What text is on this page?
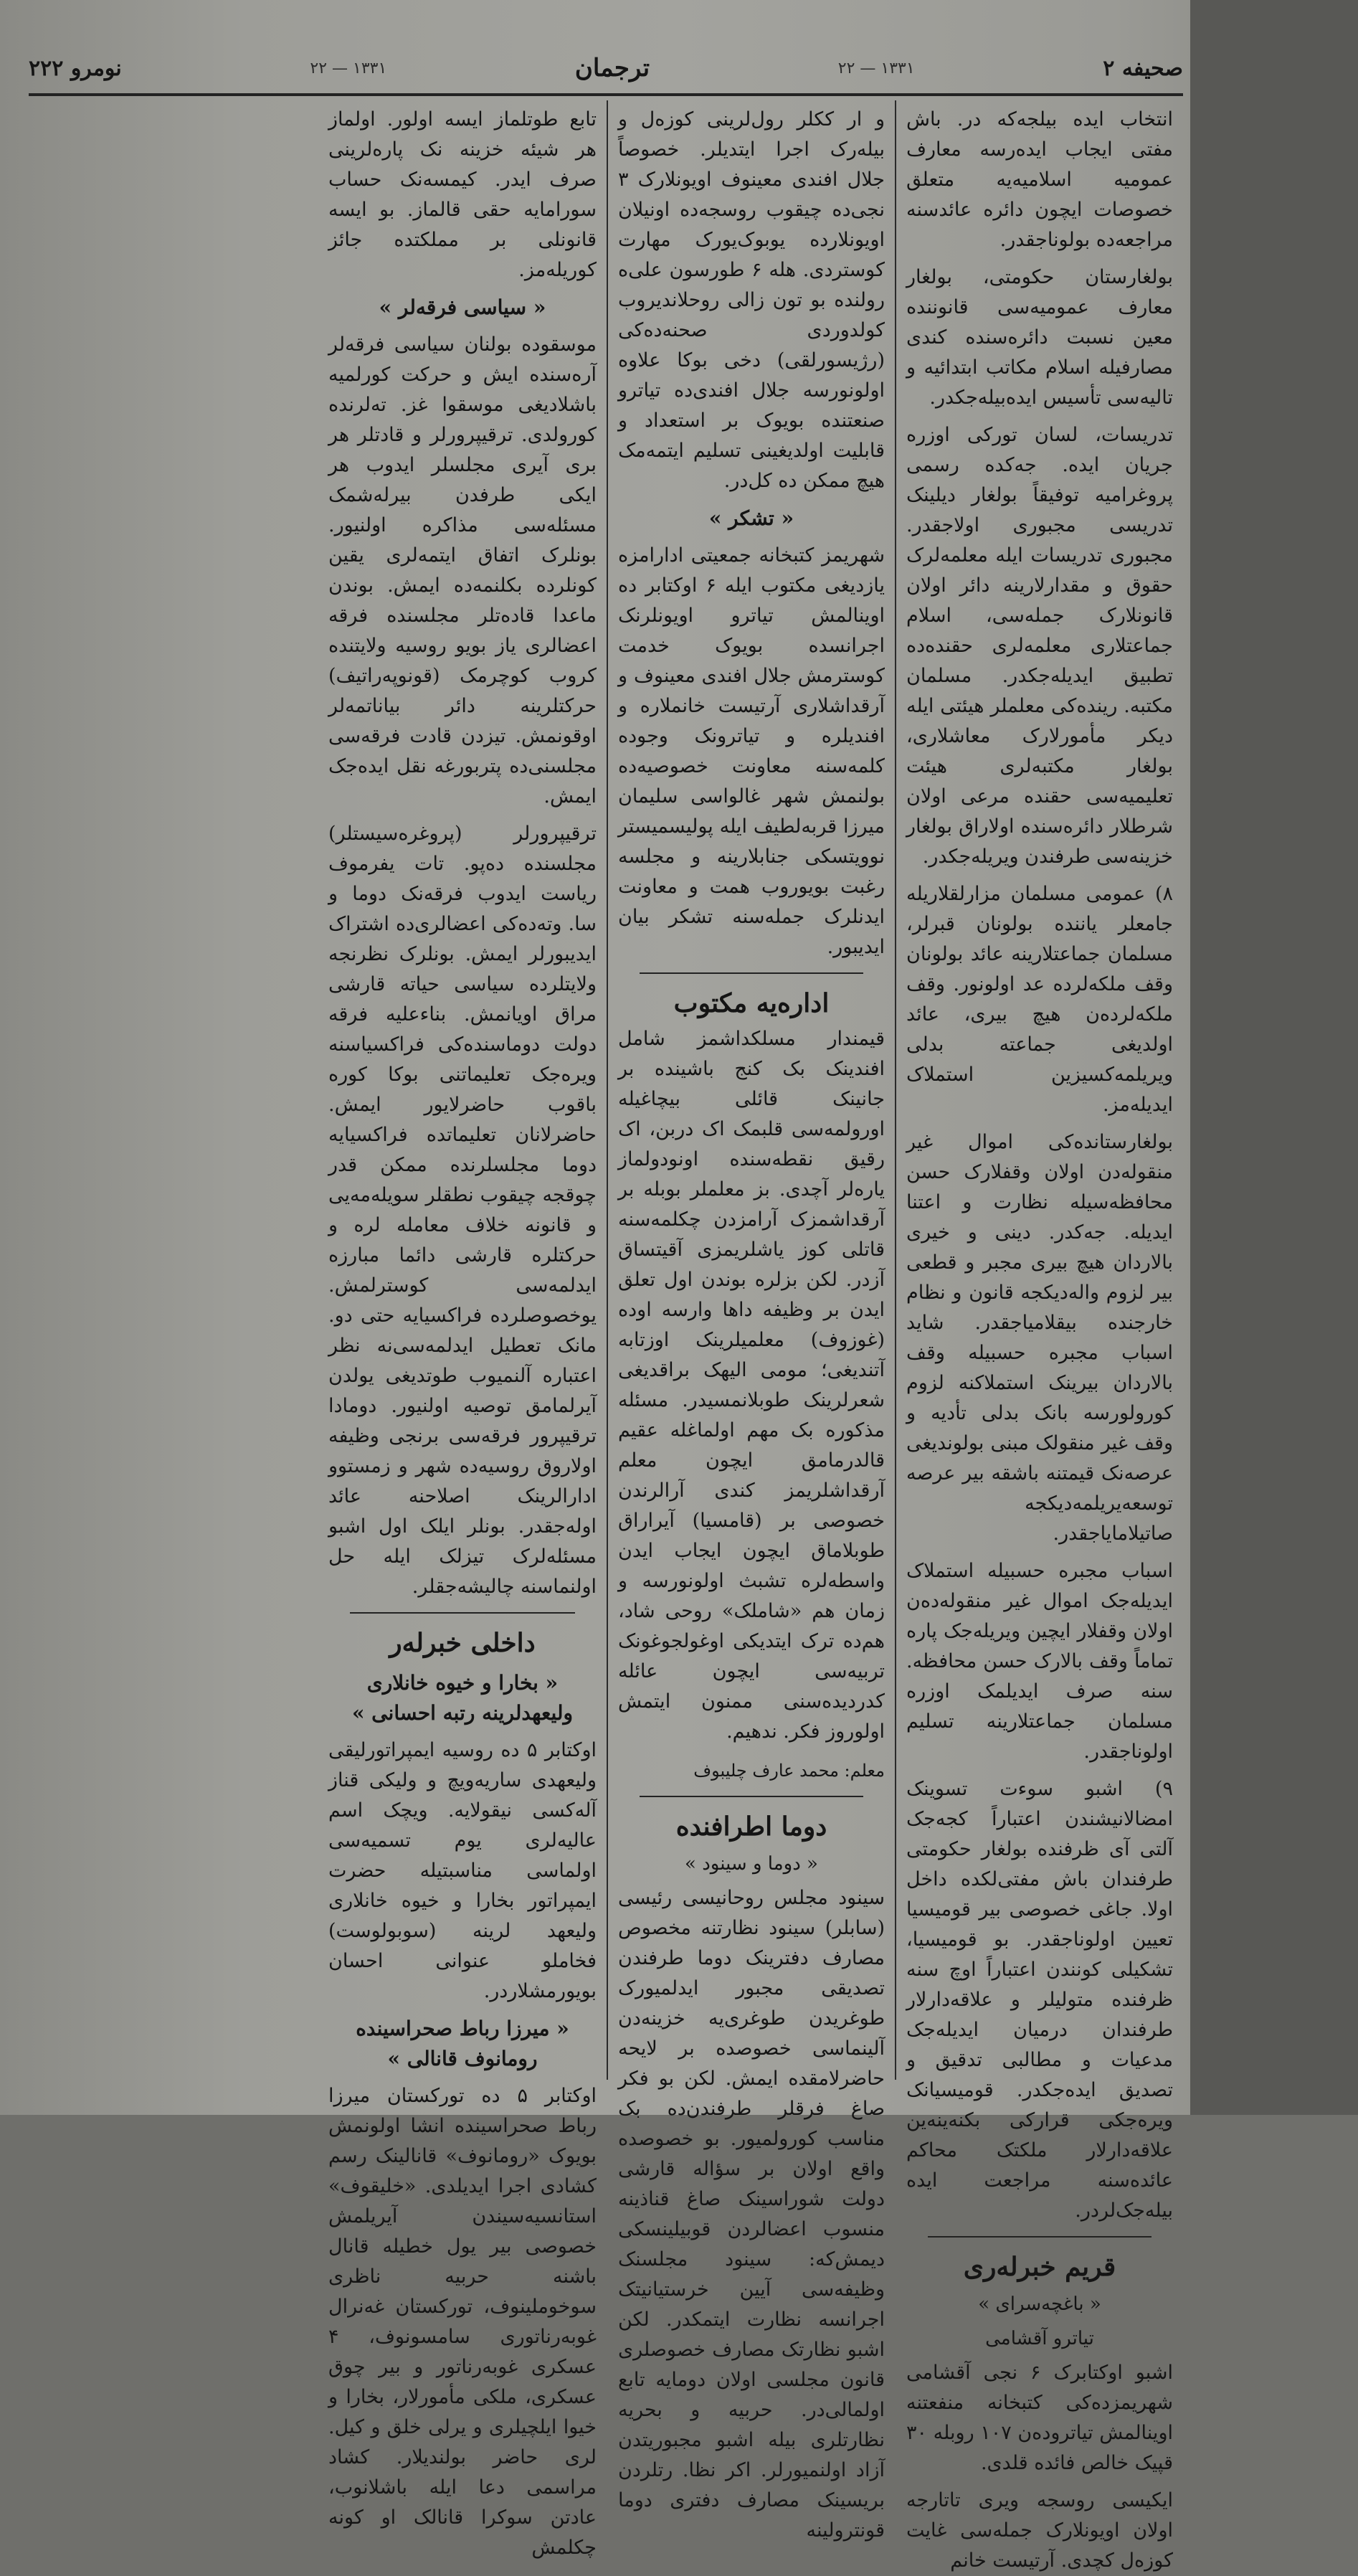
صحیفه ۲
۱۳۳۱ — ۲۲
ترجمان
۱۳۳۱ — ۲۲
نومرو ۲۲۲

انتخاب ایده بیلجه‌که در. باش مفتی ایجاب ایده‌رسه معارف عمومیه اسلامیه‌یه متعلق خصوصات ایچون دائره عائدسنه مراجعه‌ده بولوناجقدر.

بولغارستان حکومتی، بولغار معارف عمومیه‌سی قانوننده معین نسبت دائره‌سنده کندی مصارفیله اسلام مکاتب ابتدائیه و تالیه‌سی تأسیس ایده‌بیله‌جکدر.

تدریسات، لسان تورکی اوزره جریان ایده. جه‌کده رسمی پروغرامیه توفیقاً بولغار دیلینک تدریسی مجبوری اولاجقدر. مجبوری تدریسات ایله معلمه‌لرک حقوق و مقدارلارینه دائر اولان قانونلارک جمله‌سی، اسلام جماعتلاری معلمه‌لری حقنده‌ده تطبیق ایدیله‌جکدر. مسلمان مکتبه. رینده‌کی معلملر هیئتی ایله دیکر مأمورلارک معاشلاری، بولغار مکتبه‌لری هیئت تعلیمیه‌سی حقنده مرعی اولان شرطلار دائره‌سنده اولاراق بولغار خزینه‌سی طرفندن ویریله‌جکدر.

۸) عمومی مسلمان مزارلقلاریله جامعلر یاننده بولونان قبرلر، مسلمان جماعتلارینه عائد بولونان وقف ملکه‌لرده عد اولونور. وقف ملکه‌لرده‌ن هیچ بیری، عائد اولدیغی جماعته بدلی ویریلمه‌کسیزین استملاک ایدیله‌مز.

بولغارستانده‌کی اموال غیر منقوله‌دن اولان وقفلارک حسن محافظه‌سیله نظارت و اعتنا ایدیله. جه‌کدر. دینی و خیری بالاردان هیچ بیری مجبر و قطعی بیر لزوم واله‌دیکجه قانون و نظام خارجنده بیقلامیاجقدر. شاید اسباب مجبره حسبیله وقف بالاردان بیرینک استملاکنه لزوم کورولورسه بانک بدلی تأدیه و وقف غیر منقولک مبنی بولوندیغی عرصه‌نک قیمتنه باشقه بیر عرصه توسعه‌یریلمه‌دیکجه صاتیلامایاجقدر.

اسباب مجبره حسبیله استملاک ایدیله‌جک اموال غیر منقوله‌ده‌ن اولان وقفلار ایچین ویریله‌جک پاره تماماً وقف بالارک حسن محافظه. سنه صرف ایدیلمک اوزره مسلمان جماعتلارینه تسلیم اولوناجقدر.

۹) اشبو سوءت تسوینک امضالانیشندن اعتباراً کجه‌جک آلتی آی ظرفنده بولغار حکومتی طرفندان باش مفتی‌لکده داخل اولا. جاغی خصوصی بیر قومیسیا تعیین اولوناجقدر. بو قومیسیا، تشکیلی کونندن اعتباراً اوچ سنه ظرفنده متولیلر و علاقه‌دارلار طرفندان درمیان ایدیله‌جک مدعیات و مطالبی تدقیق و تصدیق ایده‌جکدر. قومیسیانک ویره‌جکی قرارکی بکنه‌ینه‌ین علاقه‌دارلار ملکتک محاکم عائده‌سنه مراجعت ایده بیله‌جک‌لردر.

قریم خبرله‌ری
« باغچه‌سرای »
تیاترو آقشامی

اشبو اوکتابرک ۶ نجی آقشامی شهریمزده‌کی کتبخانه منفعتنه اوینالمش تیاتروده‌ن ۱۰۷ روبله ۳۰ قپیک خالص فائده قلدی.

ایکیسی روسجه ویری تاتارجه اولان اویونلارک جمله‌سی غایت کوزه‌ل کچدی. آرتیست خانم

و ار ککلر رول‌لرینی کوزه‌ل و بیله‌رک اجرا ایتدیلر. خصوصاً جلال افندی معینوف اویونلارک ۳ نجی‌ده چیقوب روسجه‌ده اونیلان اویونلارده یوبوک‌یورک مهارت کوستردی. هله ۶ طورسون علی‌ه رولنده بو تون زالی روحلاندیروب کولدوردی صحنه‌ده‌کی (رژیسورلقی) دخی بوکا علاوه اولونورسه جلال افندی‌ده تیاترو صنعتنده بویوک بر استعداد و قابلیت اولدیغینی تسلیم ایتمه‌مک هیچ ممکن ده کل‌در.

« تشکر »

شهریمز کتبخانه جمعیتی ادارامزه یازدیغی مکتوب ایله ۶ اوکتابر ده اوینالمش تیاترو اویونلرنک اجرانسده بویوک خدمت کوسترمش جلال افندی معینوف و آرقداشلاری آرتیست خانملاره و افندیلره و تیاترونک وجوده کلمه‌سنه معاونت خصوصیه‌ده بولنمش شهر غالواسی سلیمان میرزا قربه‌لطیف ایله پولیسمیستر نوویتسکی جنابلارینه و مجلسه رغبت بویوروب همت و معاونت ایدنلرک جمله‌سنه تشکر بیان ایدیبور.

اداره‌یه مکتوب

قیمندار مسلکداشمز شامل افندینک بک کنج باشینده بر جانینک قائلی بیچاغیله اورولمه‌سی قلبمک اک دربن، اک رقیق نقطه‌سنده اونودولماز یاره‌لر آچدی. بز معلملر بوبله بر آرقداشمزک آرامزدن چکلمه‌سنه قاتلی کوز یاشلریمزی آقیتساق آزدر. لکن بزلره بوندن اول تعلق ایدن بر وظیفه داها وارسه اوده (غوزوف) معلمیلرینک اوزتابه آتندیغی؛ مومی الیهک براقدیغی شعرلرینک طوبلانمسیدر. مسئله مذکوره بک مهم اولماغله عقیم قالدرمامق ایچون معلم آرقداشلریمز کندی آرالرندن خصوصی بر (قامسیا) آیراراق طوبلاماق ایچون ایجاب ایدن واسطه‌لره تشبث اولونورسه و زمان هم «شاملک» روحی شاد، هم‌ده ترک ایتدیکی اوغولجوغونک تربیه‌سی ایچون عائله کدردیده‌سنی ممنون ایتمش اولوروز فکر. ندهیم.

معلم: محمد عارف چلیبوف
دوما اطرافنده
« دوما و سینود »

سینود مجلس روحانیسی رئیسی (سابلر) سینود نظارتنه مخصوص مصارف دفترینک دوما طرفندن تصدیقی مجبور ایدلمیورک طوغریدن طوغری‌یه خزینه‌دن آلینماسی خصوصده بر لایحه حاضرلامقده ایمش. لکن بو فکر صاغ فرقلر طرفندن‌ده بک مناسب کورولمیور. بو خصوصده واقع اولان بر سؤاله قارشی دولت شوراسینک صاغ قناذینه منسوب اعضالردن قوبیلینسکی دیمش‌که: سینود مجلسنک وظیفه‌سی آیین خرستیانیتک اجرانسه نظارت ایتمکدر. لکن اشبو نظارتک مصارف خصوصلری قانون مجلسی اولان دومایه تابع اولمالی‌در. حربیه و بحریه نظارتلری بیله اشبو مجبوریتدن آزاد اولنمیورلر. اکر نظا. رتلردن بریسینک مصارف دفتری دوما قونترولینه

تابع طوتلماز ایسه اولور. اولماز هر شیئه خزینه نک پاره‌لرینی صرف ایدر. کیمسه‌نک حساب سورامایه حقی قالماز. بو ایسه قانونلی بر مملکتده جائز کوریله‌مز.

« سیاسی فرقه‌لر »

موسقوده بولنان سیاسی فرقه‌لر آره‌سنده ایش و حرکت کورلمیه باشلادیغی موسقوا غز. ته‌لرنده کورولدی. ترقیپرورلر و قادتلر هر بری آیری مجلسلر ایدوب هر ایکی طرفدن بیرله‌شمک مسئله‌سی مذاکره اولنیور. بونلرک اتفاق ایتمه‌لری یقین کونلرده بکلنمه‌ده ایمش. بوندن ماعدا قاده‌تلر مجلسنده فرقه اعضالری یاز بویو روسیه ولایتنده کروب کوچرمک (قونوپه‌راتیف) حرکتلرینه دائر بیاناتمه‌لر اوقونمش. تیزدن قادت فرقه‌سی مجلسنی‌ده پتربورغه نقل ایده‌جک ایمش.

ترقیپرورلر (پروغره‌سیستلر) مجلسنده ده‌پو. تات یفرموف ریاست ایدوب فرقه‌نک دوما و سا. وته‌ده‌کی اعضالری‌ده اشتراک ایدیبورلر ایمش. بونلرک نظرنجه ولایتلرده سیاسی حیاته قارشی مراق اویانمش. بناءعلیه فرقه دولت دوماسنده‌کی فراکسیاسنه ویره‌جک تعلیماتنی بوکا کوره باقوب حاضرلایور ایمش. حاضرلانان تعلیماتده فراکسیایه دوما مجلسلرنده ممکن قدر چوقجه چیقوب نطقلر سویله‌مه‌یی و قانونه خلاف معامله لره و حرکتلره قارشی دائما مبارزه ایدلمه‌سی کوسترلمش. یوخصوصلرده فراکسیایه حتی دو. مانک تعطیل ایدلمه‌سی‌نه نظر اعتباره آلنمیوب طوتدیغی یولدن آیرلمامق توصیه اولنیور. دومادا ترقیپرور فرقه‌سی برنجی وظیفه اولاروق روسیه‌ده شهر و زمستوو ادارالرینک اصلاحنه عائد اوله‌جقدر. بونلر ایلک اول اشبو مسئله‌لرک تیزلک ایله حل اولنماسنه چالیشه‌جقلر.

داخلی خبرله‌ر
« بخارا و خیوه خانلاری ولیعهدلرینه رتبه احسانی »

اوکتابر ۵ ده روسیه ایمپراتورلیقی ولیعهدی ساریه‌ویچ و ولیکی قناز آله‌کسی نیقولایه. ویچک اسم عالیه‌لری یوم تسمیه‌سی اولماسی مناسبتیله حضرت ایمپراتور بخارا و خیوه خانلاری ولیعهد لرینه (سوبولوست) فخاملو عنوانی احسان بویورمشلاردر.

« میرزا رباط صحراسینده رومانوف قانالی »

اوکتابر ۵ ده تورکستان میرزا رباط صحراسینده انشا اولونمش بویوک «رومانوف» قانالینک رسم کشادی اجرا ایدیلدی. «خلیقوف» استانسیه‌سیندن آیریلمش خصوصی بیر یول خطیله قانال باشنه حربیه ناظری سوخوملینوف، تورکستان غه‌نرال غوبه‌رناتوری سامسونوف، ۴ عسکری غوبه‌رناتور و بیر چوق عسکری، ملکی مأمورلار، بخارا و خیوا ایلچیلری و یرلی خلق و کیل. لری حاضر بولندیلار. کشاد مراسمی دعا ایله باشلانوب، عادتن سوکرا قانالک او کونه چکلمش
